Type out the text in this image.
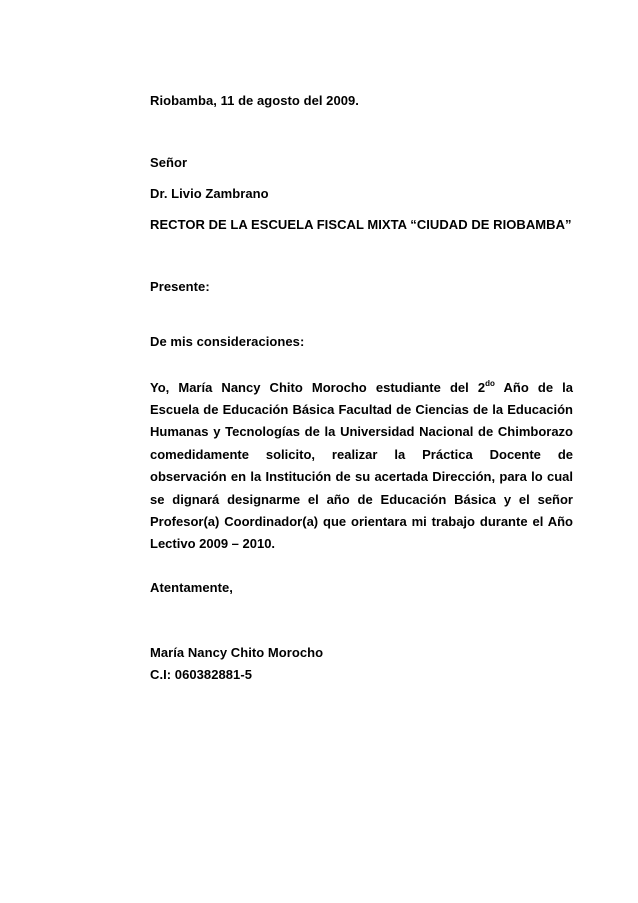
Riobamba, 11 de agosto del 2009.
Señor
Dr. Livio Zambrano
RECTOR DE LA ESCUELA FISCAL MIXTA “CIUDAD DE RIOBAMBA”
Presente:
De mis consideraciones:
Yo, María Nancy Chito Morocho estudiante del $2^{do}$ Año de la
Escuela de Educación Básica Facultad de Ciencias de la Educación
Humanas y Tecnologías de la Universidad Nacional de Chimborazo
comedidamente solicito, realizar la Práctica Docente de
observación en la Institución de su acertada Dirección, para lo cual
se dignará designarme el año de Educación Básica y el señor
Profesor(a) Coordinador(a) que orientara mi trabajo durante el Año
Lectivo 2009 – 2010.
Atentamente,
María Nancy Chito Morocho
C.I: 060382881-5
